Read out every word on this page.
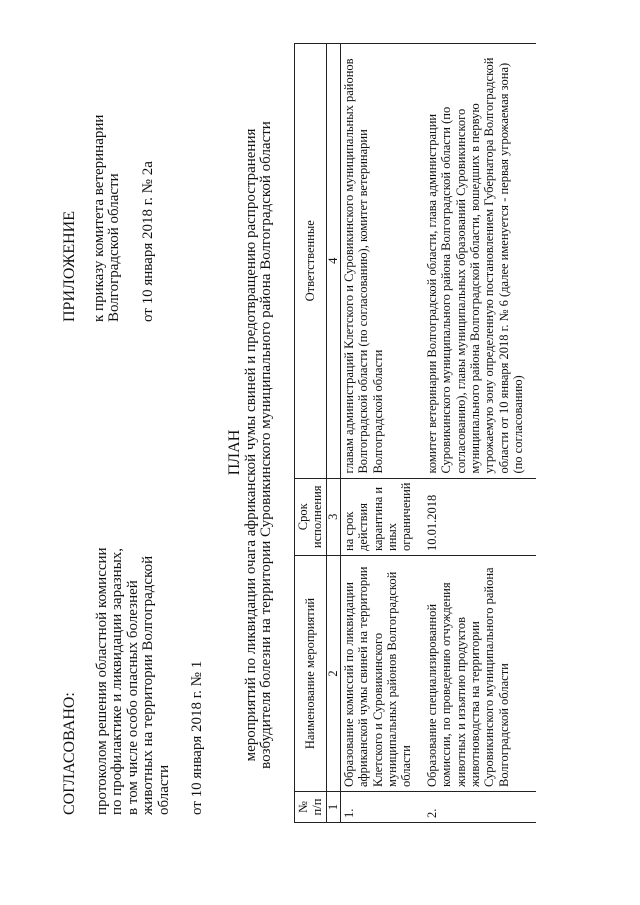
СОГЛАСОВАНО: протоколом решения областной комиссии по профилактике и ликвидации заразных, в том числе особо опасных болезней животных на территории Волгоградской области от 10 января 2018 г. № 1
ПРИЛОЖЕНИЕ к приказу комитета ветеринарии Волгоградской области от 10 января 2018 г. № 2а
ПЛАН мероприятий по ликвидации очага африканской чумы свиней и предотвращению распространения возбудителя болезни на территории Суровикинского муниципального района Волгоградской области
№ п/п	Наименование мероприятий	Срок исполнения	Ответственные
1	2	3	4
1.	Образование комиссий по ликвидации африканской чумы свиней на территории Клетского и Суровикинского муниципальных районов Волгоградской области	на срок действия карантина и иных ограничений	главам администраций Клетского и Суровикинского муниципальных районов Волгоградской области (по согласованию), комитет ветеринарии Волгоградской области
2.	Образование специализированной комиссии, по проведению отчуждения животных и изъятию продуктов животноводства на территории Суровикинского муниципального района Волгоградской области	10.01.2018	комитет ветеринарии Волгоградской области, глава администрации Суровикинского муниципального района Волгоградской области (по согласованию), главы муниципальных образований Суровикинского муниципального района Волгоградской области, вошедших в первую угрожаемую зону определенную постановлением Губернатора Волгоградской области от 10 января 2018 г. № 6 (далее именуется - первая угрожаемая зона) (по согласованию)
